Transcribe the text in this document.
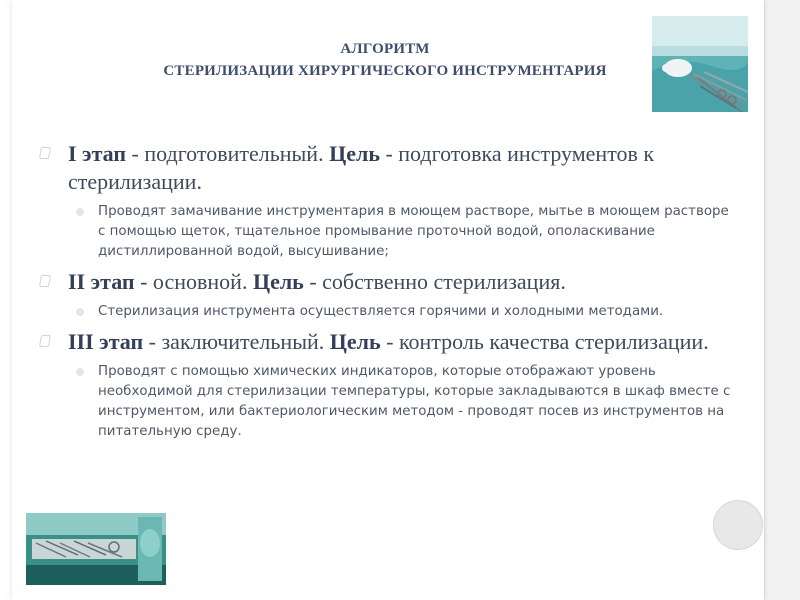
АЛГОРИТМ
СТЕРИЛИЗАЦИИ ХИРУРГИЧЕСКОГО ИНСТРУМЕНТАРИЯ
I этап - подготовительный. Цель - подготовка инструментов к стерилизации.
Проводят замачивание инструментария в моющем растворе, мытье в моющем растворе с помощью щеток, тщательное промывание проточной водой, ополаскивание дистиллированной водой, высушивание;
II этап - основной. Цель - собственно стерилизация.
Стерилизация инструмента осуществляется горячими и холодными методами.
III этап - заключительный. Цель - контроль качества стерилизации.
Проводят с помощью химических индикаторов, которые отображают уровень необходимой для стерилизации температуры, которые закладываются в шкаф вместе с инструментом, или бактериологическим методом - проводят посев из инструментов на питательную среду.
